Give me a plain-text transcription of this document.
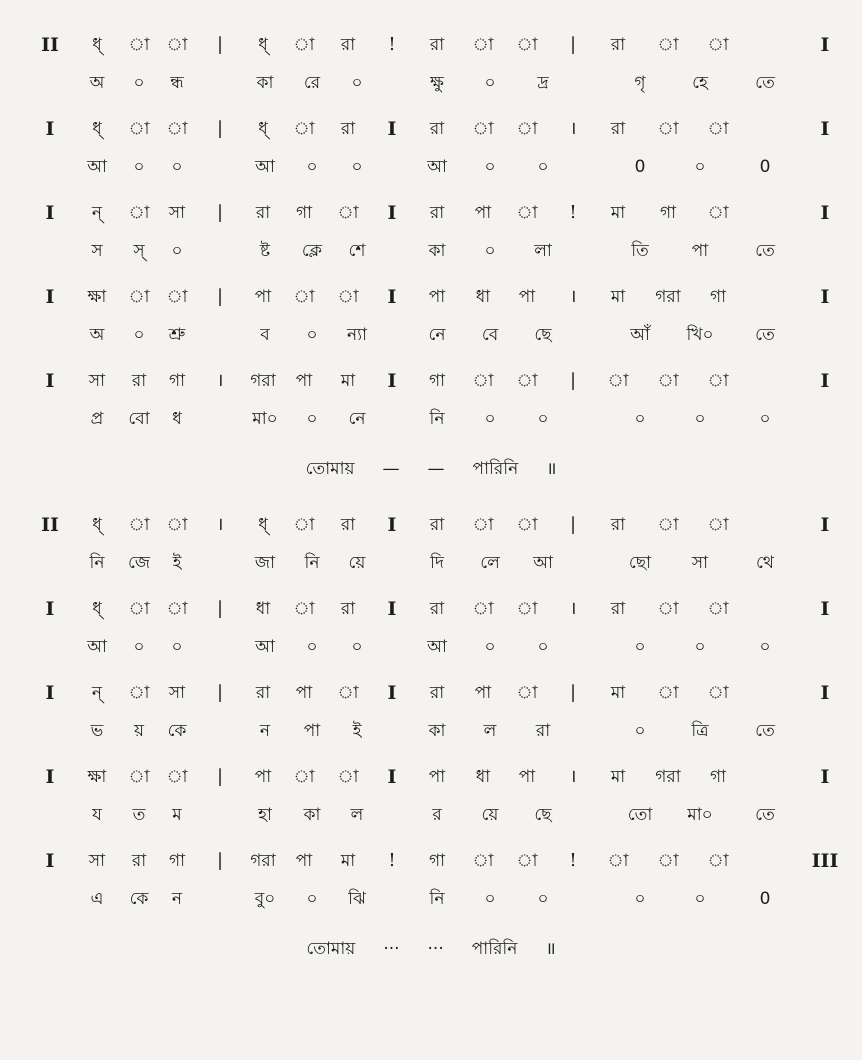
II ধ্ া া | ধ্ া রা ! রা া া | রা া া	I
অ ০ ন্ধ	কা রে ০	ক্ষু ০ দ্র	গৃ	হে	তে
I ধ্ া া | ধ্ া রা I রা া া । রা া া	I
আ ০ ০	আ ০ ০	আ ০ ০	0	০	0
I ন্ া সা | রা গা া I রা পা া ! মা গা া	I
স স্ ০	ষ্ট ক্লে শে	কা ০ লা	তি	পা	তে
I ক্ষা া া | পা া া I পা ধা পা । মা গরা গা	I
অ ০ শ্রু	ব ০ ন্যা	নে বে ছে	আঁ খি০ তে
I সা রা গা । গরা পা মা I গা া া | া া া	I
প্র বো ধ	মা০ ০ নে	নি ০ ০	০	০	০
তোমায় — — পারিনি ॥
II ধ্ া া । ধ্ া রা I রা া া | রা া া	I
নি জে ই	জা নি য়ে	দি লে আ	ছো সা	থে
I ধ্ া া | ধা া রা I রা া া । রা া া	I
আ ০ ০	আ ০ ০	আ ০ ০	০	০	০
I ন্ া সা | রা পা া I রা পা া | মা া া	I
ভ য় কে	ন পা ই	কা ল রা	০	ত্রি	তে
I ক্ষা া া | পা া া I পা ধা পা । মা গরা গা	I
য ত ম	হা কা ল	র য়ে ছে	তো মা০ তে
I সা রা গা | গরা পা মা ! গা া া ! া া া	III
এ কে ন	বু০ ০ ঝি	নি ০ ০	০	০	0
তোমায় ··· ··· পারিনি ॥
